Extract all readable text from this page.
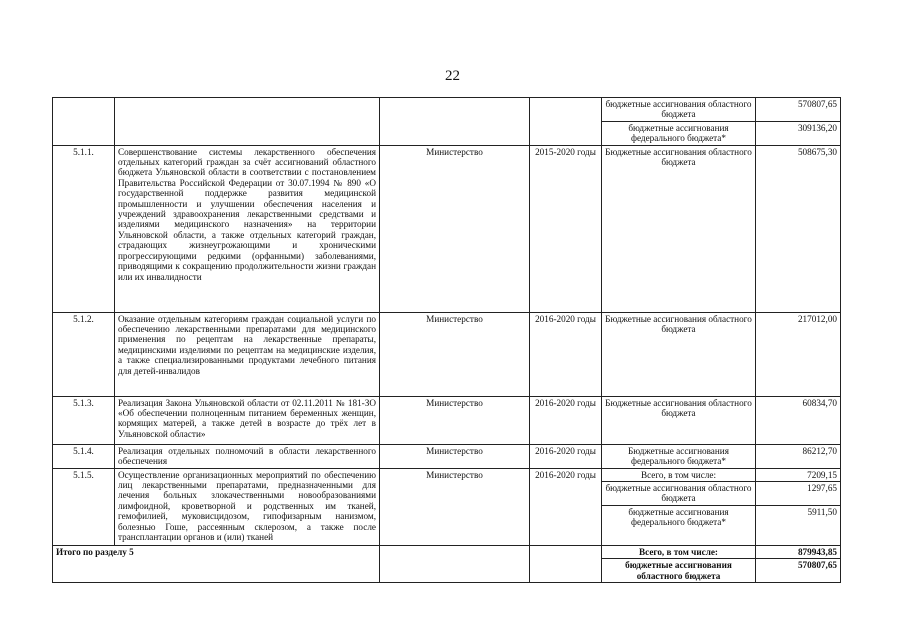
22
				бюджетные ассигнования областного бюджета	570807,65
				бюджетные ассигнования федерального бюджета*	309136,20
5.1.1.	Совершенствование системы лекарственного обеспечения отдельных категорий граждан за счёт ассигнований областного бюджета Ульяновской области в соответствии с постановлением Правительства Российской Федерации от 30.07.1994 № 890 «О государственной поддержке развития медицинской промышленности и улучшении обеспечения населения и учреждений здравоохранения лекарственными средствами и изделиями медицинского назначения» на территории Ульяновской области, а также отдельных категорий граждан, страдающих жизнеугрожающими и хроническими прогрессирующими редкими (орфанными) заболеваниями, приводящими к сокращению продолжительности жизни граждан или их инвалидности	Министерство	2015-2020 годы	Бюджетные ассигнования областного бюджета	508675,30
5.1.2.	Оказание отдельным категориям граждан социальной услуги по обеспечению лекарственными препаратами для медицинского применения по рецептам на лекарственные препараты, медицинскими изделиями по рецептам на медицинские изделия, а также специализированными продуктами лечебного питания для детей-инвалидов	Министерство	2016-2020 годы	Бюджетные ассигнования областного бюджета	217012,00
5.1.3.	Реализация Закона Ульяновской области от 02.11.2011 № 181-ЗО «Об обеспечении полноценным питанием беременных женщин, кормящих матерей, а также детей в возрасте до трёх лет в Ульяновской области»	Министерство	2016-2020 годы	Бюджетные ассигнования областного бюджета	60834,70
5.1.4.	Реализация отдельных полномочий в области лекарственного обеспечения	Министерство	2016-2020 годы	Бюджетные ассигнования федерального бюджета*	86212,70
5.1.5.	Осуществление организационных мероприятий по обеспечению лиц лекарственными препаратами, предназначенными для лечения больных злокачественными новообразованиями лимфоидной, кроветворной и родственных им тканей, гемофилией, муковисцидозом, гипофизарным нанизмом, болезнью Гоше, рассеянным склерозом, а также после трансплантации органов и (или) тканей	Министерство	2016-2020 годы	Всего, в том числе:	7209,15
				бюджетные ассигнования областного бюджета	1297,65
				бюджетные ассигнования федерального бюджета*	5911,50
Итого по разделу 5				Всего, в том числе:	879943,85
				бюджетные ассигнования областного бюджета	570807,65
